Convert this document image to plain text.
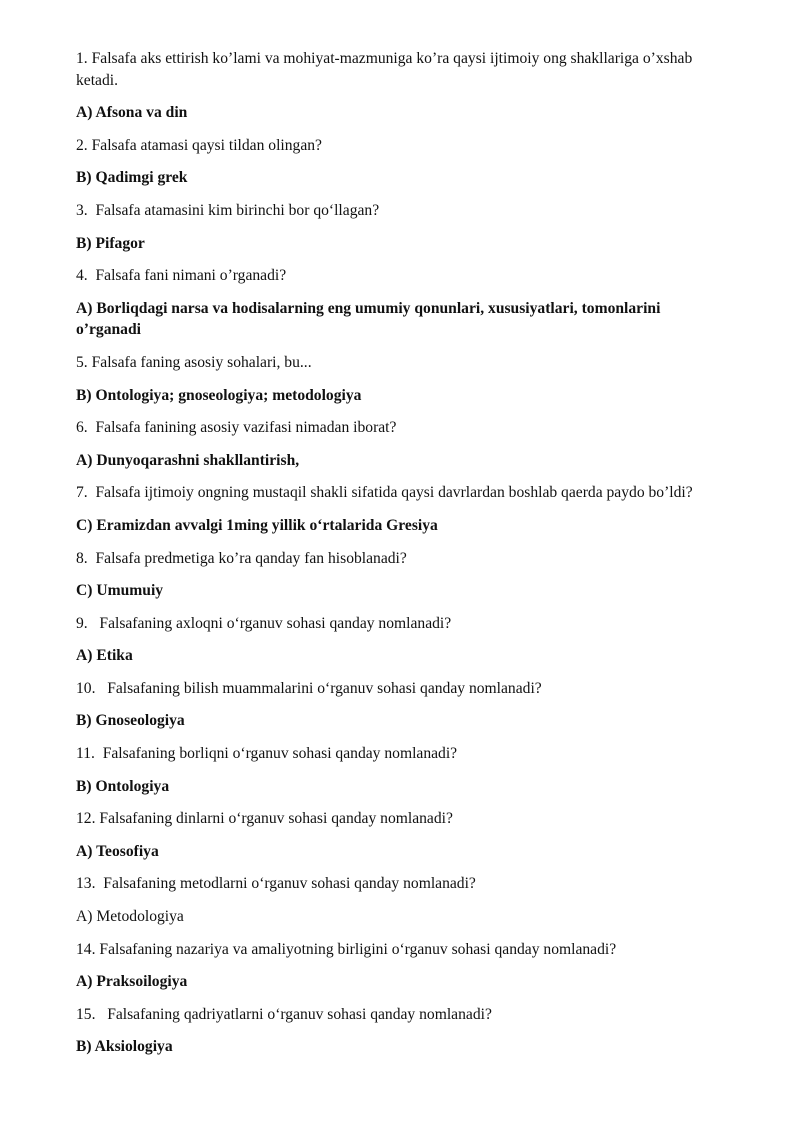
1. Falsafa aks ettirish ko’lami va mohiyat-mazmuniga ko’ra qaysi ijtimoiy ong shakllariga o’xshab ketadi.

A) Afsona va din

2. Falsafa atamasi qaysi tildan olingan?

B) Qadimgi grek

3.  Falsafa atamasini kim birinchi bor qo‘llagan?

B) Pifagor

4.  Falsafa fani nimani o’rganadi?

A) Borliqdagi narsa va hodisalarning eng umumiy qonunlari, xususiyatlari, tomonlarini o’rganadi

5. Falsafa faning asosiy sohalari, bu...

B) Ontologiya; gnoseologiya; metodologiya

6.  Falsafa fanining asosiy vazifasi nimadan iborat?

A) Dunyoqarashni shakllantirish,

7.  Falsafa ijtimoiy ongning mustaqil shakli sifatida qaysi davrlardan boshlab qaerda paydo bo’ldi?

C) Eramizdan avvalgi 1ming yillik o‘rtalarida Gresiya

8.  Falsafa predmetiga ko’ra qanday fan hisoblanadi?

C) Umumuiy

9.   Falsafaning axloqni o‘rganuv sohasi qanday nomlanadi?

A) Etika

10.   Falsafaning bilish muammalarini o‘rganuv sohasi qanday nomlanadi?

B) Gnoseologiya

11.  Falsafaning borliqni o‘rganuv sohasi qanday nomlanadi?

B) Ontologiya

12. Falsafaning dinlarni o‘rganuv sohasi qanday nomlanadi?

A) Teosofiya

13.  Falsafaning metodlarni o‘rganuv sohasi qanday nomlanadi?

A) Metodologiya

14. Falsafaning nazariya va amaliyotning birligini o‘rganuv sohasi qanday nomlanadi?

A) Praksoilogiya

15.   Falsafaning qadriyatlarni o‘rganuv sohasi qanday nomlanadi?

B) Aksiologiya
